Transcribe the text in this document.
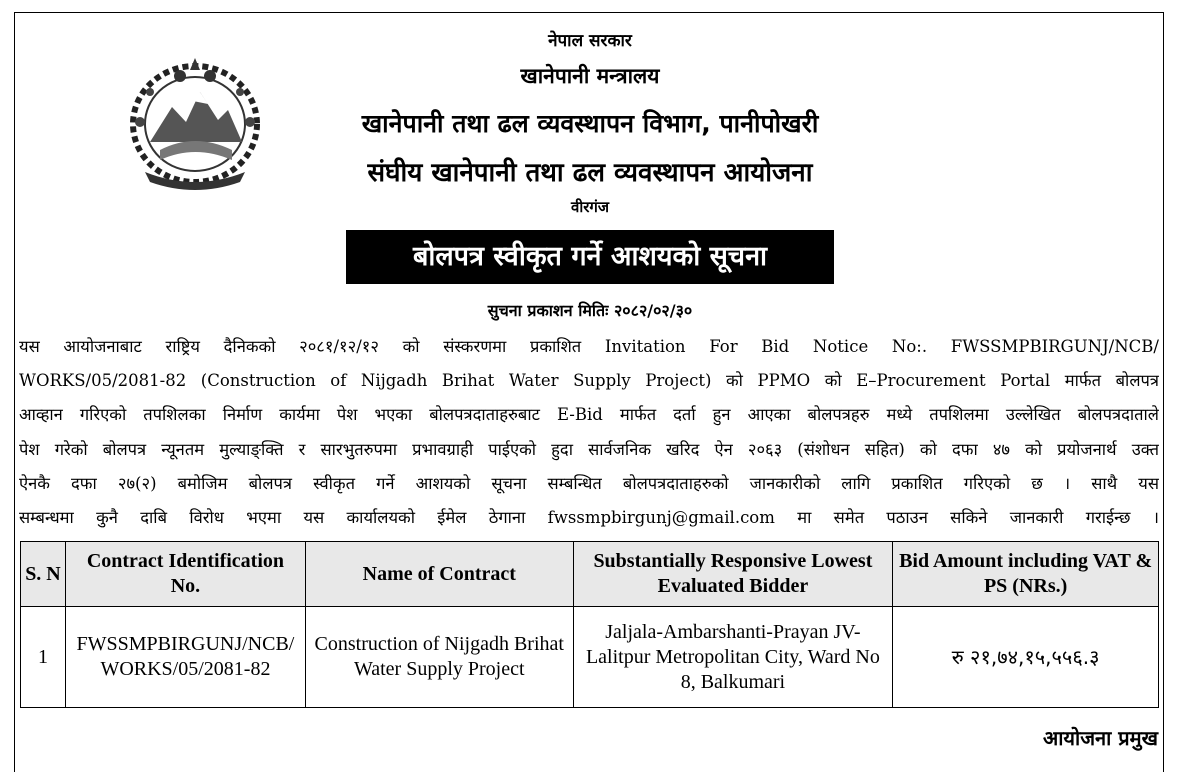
नेपाल सरकार
खानेपानी मन्त्रालय
खानेपानी तथा ढल व्यवस्थापन विभाग, पानीपोखरी
संघीय खानेपानी तथा ढल व्यवस्थापन आयोजना
वीरगंज
बोलपत्र स्वीकृत गर्ने आशयको सूचना
सुचना प्रकाशन मितिः २०८२/०२/३०
यस आयोजनाबाट राष्ट्रिय दैनिकको २०८१/१२/१२ को संस्करणमा प्रकाशित Invitation For Bid Notice No:. FWSSMPBIRGUNJ/NCB/
WORKS/05/2081-82 (Construction of Nijgadh Brihat Water Supply Project) को PPMO को E–Procurement Portal मार्फत बोलपत्र
आव्हान गरिएको तपशिलका निर्माण कार्यमा पेश भएका बोलपत्रदाताहरुबाट E-Bid मार्फत दर्ता हुन आएका बोलपत्रहरु मध्ये तपशिलमा उल्लेखित बोलपत्रदाताले
पेश गरेको बोलपत्र न्यूनतम मुल्याङ्क्ति र सारभुतरुपमा प्रभावग्राही पाईएको हुदा सार्वजनिक खरिद ऐन २०६३ (संशोधन सहित) को दफा ४७ को प्रयोजनार्थ उक्त
ऐनकै दफा २७(२) बमोजिम बोलपत्र स्वीकृत गर्ने आशयको सूचना सम्बन्धित बोलपत्रदाताहरुको जानकारीको लागि प्रकाशित गरिएको छ । साथै यस
सम्बन्धमा कुनै दाबि विरोध भएमा यस कार्यालयको ईमेल ठेगाना fwssmpbirgunj@gmail.com मा समेत पठाउन सकिने जानकारी गराईन्छ ।
S. N	Contract Identification No.	Name of Contract	Substantially Responsive Lowest Evaluated Bidder	Bid Amount including VAT & PS (NRs.)
1	FWSSMPBIRGUNJ/NCB/ WORKS/05/2081-82	Construction of Nijgadh Brihat Water Supply Project	Jaljala-Ambarshanti-Prayan JV- Lalitpur Metropolitan City, Ward No 8, Balkumari	रु २१,७४,१५,५५६.३
आयोजना प्रमुख
